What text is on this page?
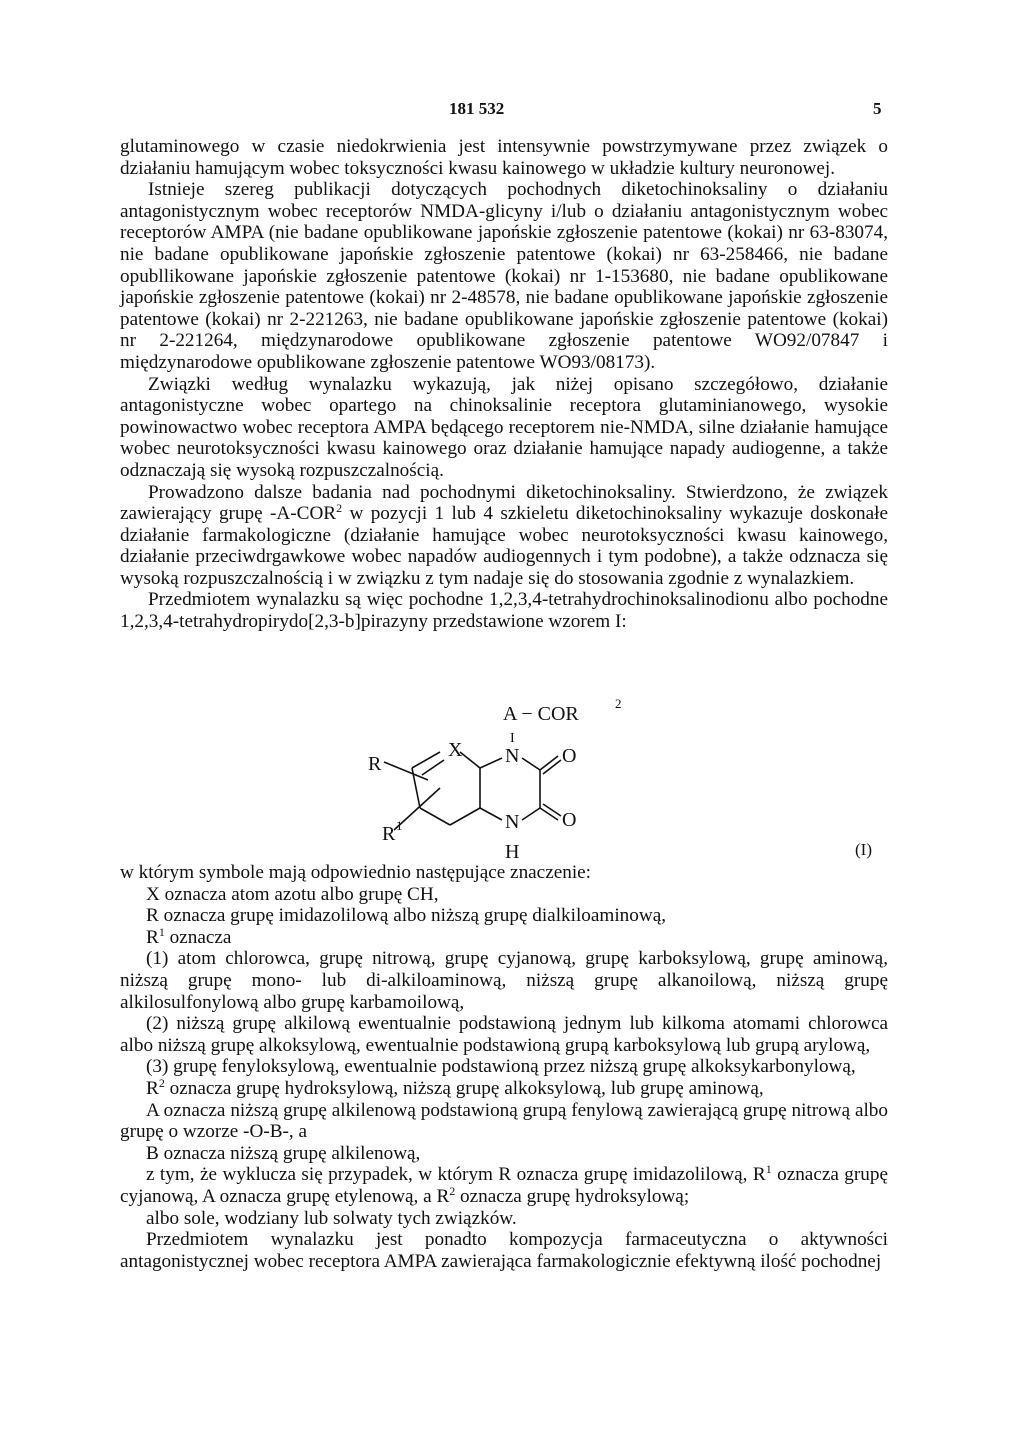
181 532	5

glutaminowego w czasie niedokrwienia jest intensywnie powstrzymywane przez związek o działaniu hamującym wobec toksyczności kwasu kainowego w układzie kultury neuronowej.

Istnieje szereg publikacji dotyczących pochodnych diketochinoksaliny o działaniu antagonistycznym wobec receptorów NMDA-glicyny i/lub o działaniu antagonistycznym wobec receptorów AMPA (nie badane opublikowane japońskie zgłoszenie patentowe (kokai) nr 63-83074, nie badane opublikowane japońskie zgłoszenie patentowe (kokai) nr 63-258466, nie badane opubllikowane japońskie zgłoszenie patentowe (kokai) nr 1-153680, nie badane opublikowane japońskie zgłoszenie patentowe (kokai) nr 2-48578, nie badane opublikowane japońskie zgłoszenie patentowe (kokai) nr 2-221263, nie badane opublikowane japońskie zgłoszenie patentowe (kokai) nr 2-221264, międzynarodowe opublikowane zgłoszenie patentowe WO92/07847 i międzynarodowe opublikowane zgłoszenie patentowe WO93/08173).

Związki według wynalazku wykazują, jak niżej opisano szczegółowo, działanie antagonistyczne wobec opartego na chinoksalinie receptora glutaminianowego, wysokie powinowactwo wobec receptora AMPA będącego receptorem nie-NMDA, silne działanie hamujące wobec neurotoksyczności kwasu kainowego oraz działanie hamujące napady audiogenne, a także odznaczają się wysoką rozpuszczalnością.

Prowadzono dalsze badania nad pochodnymi diketochinoksaliny. Stwierdzono, że związek zawierający grupę -A-COR$^2$ w pozycji 1 lub 4 szkieletu diketochinoksaliny wykazuje doskonałe działanie farmakologiczne (działanie hamujące wobec neurotoksyczności kwasu kainowego, działanie przeciwdrgawkowe wobec napadów audiogennych i tym podobne), a także odznacza się wysoką rozpuszczalnością i w związku z tym nadaje się do stosowania zgodnie z wynalazkiem.

Przedmiotem wynalazku są więc pochodne 1,2,3,4-tetrahydrochinoksalinodionu albo pochodne 1,2,3,4-tetrahydropirydo[2,3-b]pirazyny przedstawione wzorem I:

A − COR	2
I
X N O
R
R 1	N O
H	(I)

w którym symbole mają odpowiednio następujące znaczenie:

X oznacza atom azotu albo grupę CH,

R oznacza grupę imidazolilową albo niższą grupę dialkiloaminową,

$R^1$ oznacza

(1) atom chlorowca, grupę nitrową, grupę cyjanową, grupę karboksylową, grupę aminową, niższą grupę mono- lub di-alkiloaminową, niższą grupę alkanoilową, niższą grupę alkilosulfonylową albo grupę karbamoilową,

(2) niższą grupę alkilową ewentualnie podstawioną jednym lub kilkoma atomami chlorowca albo niższą grupę alkoksylową, ewentualnie podstawioną grupą karboksylową lub grupą arylową,

(3) grupę fenyloksylową, ewentualnie podstawioną przez niższą grupę alkoksykarbonylową,

$R^2$ oznacza grupę hydroksylową, niższą grupę alkoksylową, lub grupę aminową,

A oznacza niższą grupę alkilenową podstawioną grupą fenylową zawierającą grupę nitrową albo grupę o wzorze -O-B-, a

B oznacza niższą grupę alkilenową,

z tym, że wyklucza się przypadek, w którym R oznacza grupę imidazolilową, $R^1$ oznacza grupę cyjanową, A oznacza grupę etylenową, a $R^2$ oznacza grupę hydroksylową;

albo sole, wodziany lub solwaty tych związków.

Przedmiotem wynalazku jest ponadto kompozycja farmaceutyczna o aktywności antagonistycznej wobec receptora AMPA zawierająca farmakologicznie efektywną ilość pochodnej
